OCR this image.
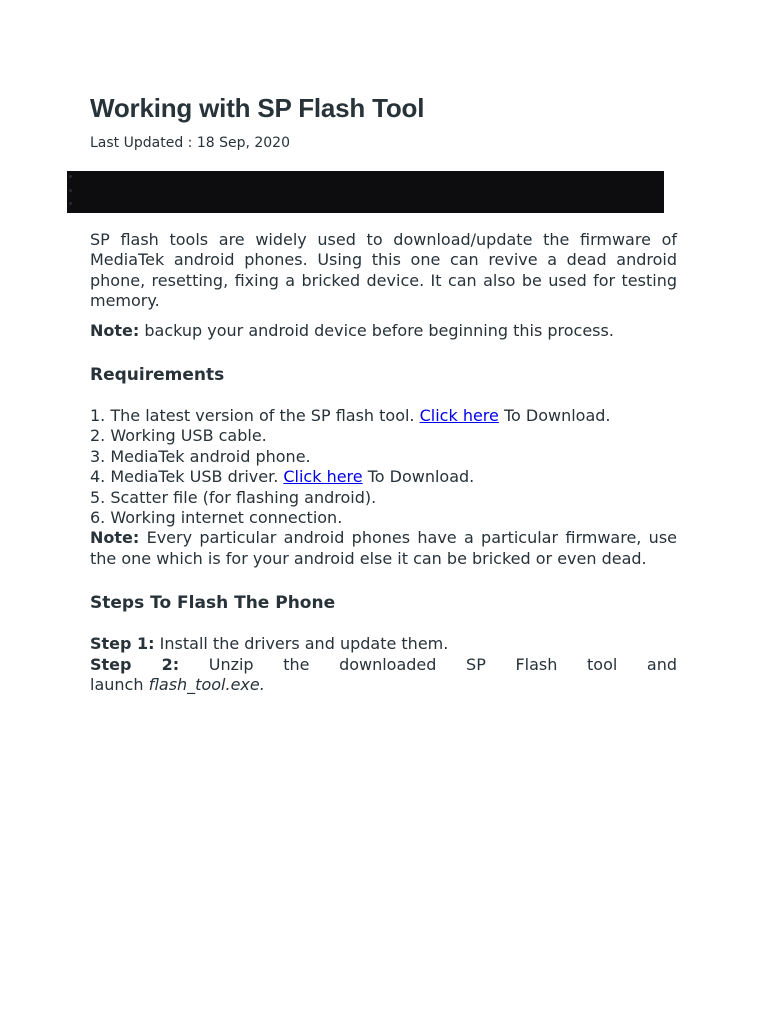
Working with SP Flash Tool
Last Updated : 18 Sep, 2020

SP flash tools are widely used to download/update the firmware of MediaTek android phones. Using this one can revive a dead android phone, resetting, fixing a bricked device. It can also be used for testing memory.

Note: backup your android device before beginning this process.

Requirements
1. The latest version of the SP flash tool. Click here To Download.
2. Working USB cable.
3. MediaTek android phone.
4. MediaTek USB driver. Click here To Download.
5. Scatter file (for flashing android).
6. Working internet connection.
Note: Every particular android phones have a particular firmware, use the one which is for your android else it can be bricked or even dead.
Steps To Flash The Phone
Step 1: Install the drivers and update them.
Step 2: Unzip the downloaded SP Flash tool and
launch flash_tool.exe.
